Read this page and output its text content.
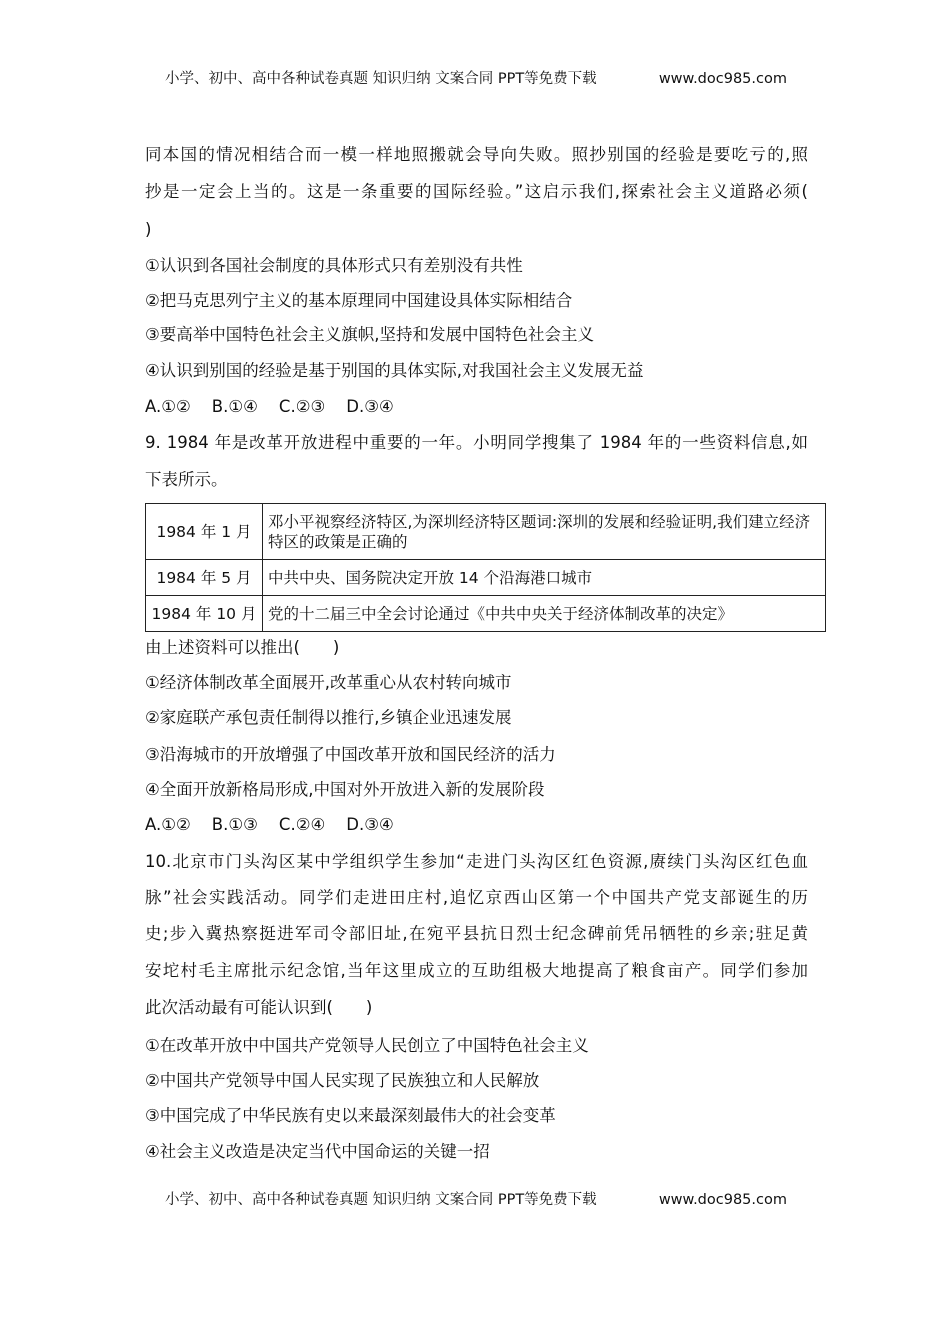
小学、初中、高中各种试卷真题 知识归纳 文案合同 PPT等免费下载	www.doc985.com
同本国的情况相结合而一模一样地照搬就会导向失败。照抄别国的经验是要吃亏的,照
抄是一定会上当的。这是一条重要的国际经验。”这启示我们,探索社会主义道路必须(
)
①认识到各国社会制度的具体形式只有差别没有共性
②把马克思列宁主义的基本原理同中国建设具体实际相结合
③要高举中国特色社会主义旗帜,坚持和发展中国特色社会主义
④认识到别国的经验是基于别国的具体实际,对我国社会主义发展无益
A.①②    B.①④    C.②③    D.③④
9. 1984 年是改革开放进程中重要的一年。小明同学搜集了 1984 年的一些资料信息,如
下表所示。
1984 年 1 月	邓小平视察经济特区,为深圳经济特区题词:深圳的发展和经验证明,我们建立经济特区的政策是正确的
1984 年 5 月	中共中央、国务院决定开放 14 个沿海港口城市
1984 年 10 月	党的十二届三中全会讨论通过《中共中央关于经济体制改革的决定》
由上述资料可以推出(　　)
①经济体制改革全面展开,改革重心从农村转向城市
②家庭联产承包责任制得以推行,乡镇企业迅速发展
③沿海城市的开放增强了中国改革开放和国民经济的活力
④全面开放新格局形成,中国对外开放进入新的发展阶段
A.①②    B.①③    C.②④    D.③④
10.北京市门头沟区某中学组织学生参加“走进门头沟区红色资源,赓续门头沟区红色血
脉”社会实践活动。同学们走进田庄村,追忆京西山区第一个中国共产党支部诞生的历
史;步入冀热察挺进军司令部旧址,在宛平县抗日烈士纪念碑前凭吊牺牲的乡亲;驻足黄
安坨村毛主席批示纪念馆,当年这里成立的互助组极大地提高了粮食亩产。同学们参加
此次活动最有可能认识到(　　)
①在改革开放中中国共产党领导人民创立了中国特色社会主义
②中国共产党领导中国人民实现了民族独立和人民解放
③中国完成了中华民族有史以来最深刻最伟大的社会变革
④社会主义改造是决定当代中国命运的关键一招
小学、初中、高中各种试卷真题 知识归纳 文案合同 PPT等免费下载	www.doc985.com
